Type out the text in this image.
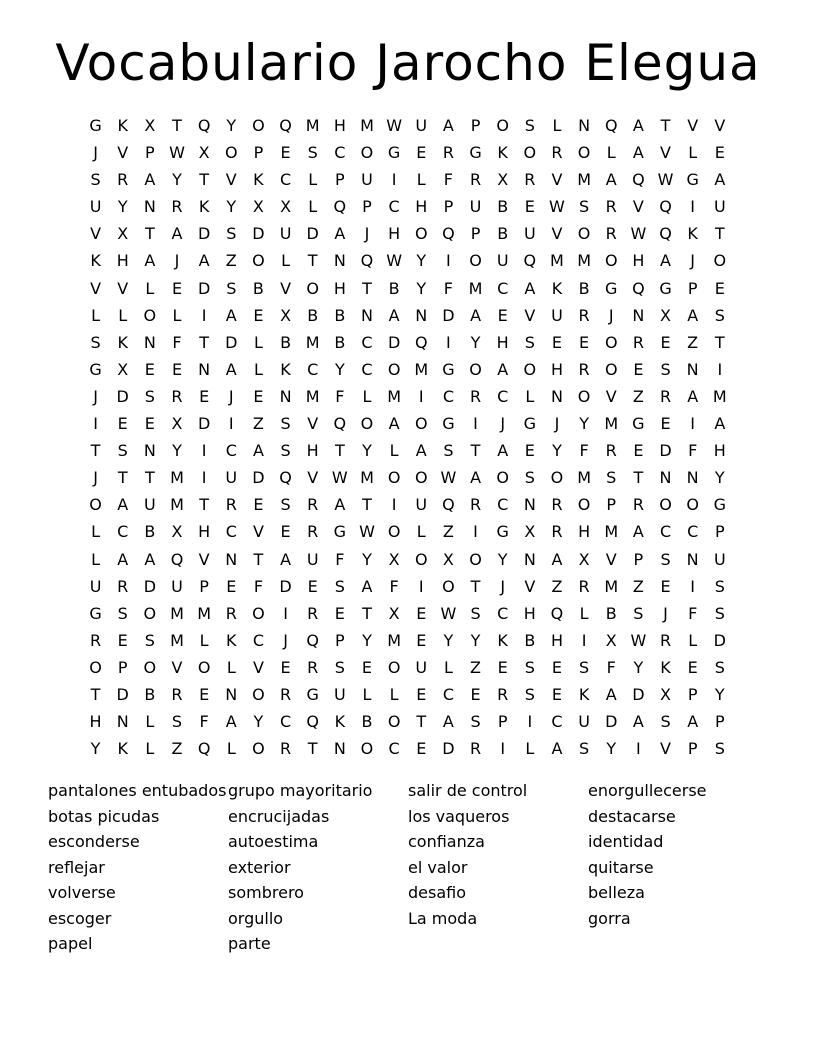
Vocabulario Jarocho Elegua
G K	X	T Q Y O Q M H M W U A	P	O S	L	N Q A	T	V	V
J	V	P W X O	P	E	S	C O G E	R G K O R O	L	A	V	L	E
S	R	A	Y	T	V	K	C	L	P	U	I	L	F	R	X	R	V M A Q W G A
U	Y	N R	K	Y	X	X	L	Q	P	C H	P	U B	E W S	R	V Q	I	U
V	X	T	A D S D U D A	J	H O Q	P	B U V O R W Q K	T
K H A	J	A	Z O	L	T	N Q W Y	I	O U Q M M O H A	J	O
V	V	L	E D S	B	V O H	T	B	Y	F M C	A	K	B G Q G	P	E
L	L	O	L	I	A	E	X	B	B N A N D A	E	V U R	J	N X	A	S
S	K N	F	T	D	L	B M B	C D Q	I	Y	H	S	E	E O R	E	Z	T
G X	E	E	N A	L	K	C	Y	C O M G O A O H R O E	S	N	I
J	D S	R	E	J	E	N M F	L M	I	C R	C	L	N O V	Z	R	A M
I	E	E	X D	I	Z	S	V Q O A O G	I	J	G	J	Y M G E	I	A
T	S	N	Y	I	C	A	S	H	T	Y	L	A	S	T	A	E	Y	F	R	E D	F	H
J	T	T M	I	U D Q V W M O O W A O S O M S	T	N N	Y
O A U M T	R	E	S	R	A	T	I	U Q R	C N R O	P	R O O G
L	C	B	X H C	V	E	R G W O	L	Z	I	G X	R H M A	C C	P
L	A	A Q V N	T	A U	F	Y	X O X O Y	N A	X	V	P	S	N U
U R D U	P	E	F	D E	S	A	F	I	O T	J	V	Z	R M Z	E	I	S
G S O M M R O	I	R	E	T	X	E W S	C H Q	L	B	S	J	F	S
R	E	S M L	K	C	J	Q	P	Y M E	Y	Y	K	B H	I	X W R	L	D
O	P	O V O	L	V	E	R	S	E O U	L	Z	E	S	E	S	F	Y	K	E	S
T	D B	R	E	N O R G U	L	L	E	C	E	R	S	E	K	A D X	P	Y
H N	L	S	F	A	Y	C Q K	B O T	A	S	P	I	C U D A	S	A	P
Y	K	L	Z Q	L	O R	T	N O C	E D R	I	L	A	S	Y	I	V	P	S
pantalones entubados
botas picudas
esconderse
reflejar
volverse
escoger
papel
grupo mayoritario
encrucijadas
autoestima
exterior
sombrero
orgullo
parte
salir de control
los vaqueros
confianza
el valor
desafio
La moda
enorgullecerse
destacarse
identidad
quitarse
belleza
gorra
